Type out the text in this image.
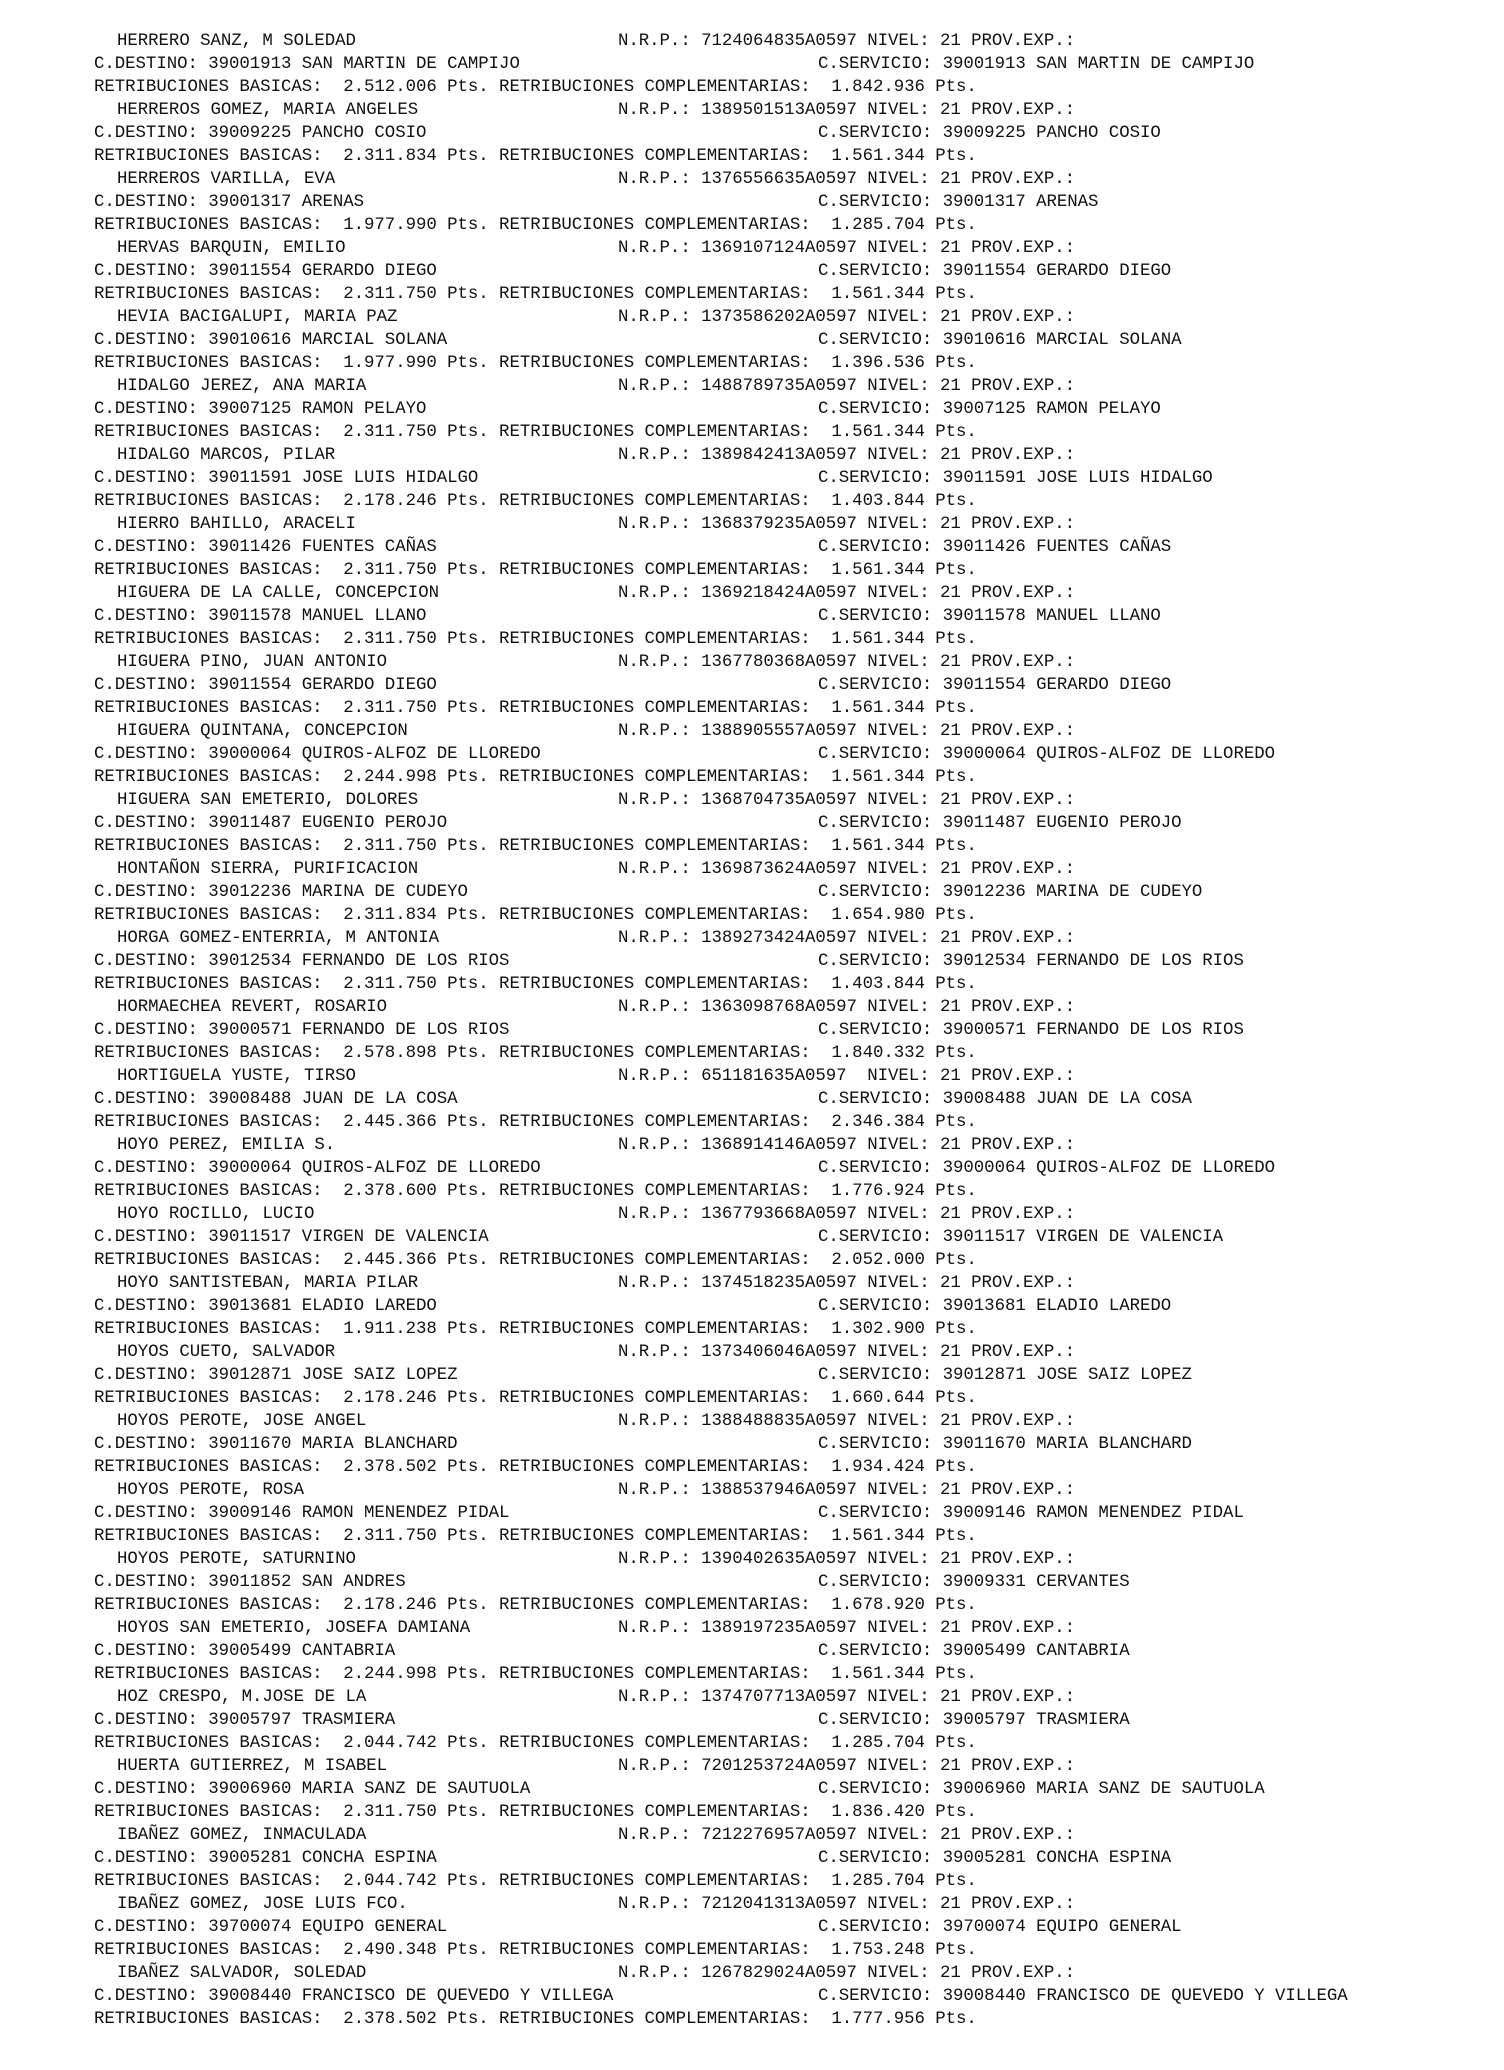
HERRERO SANZ, M SOLEDAD	N.R.P.: 7124064835A0597 NIVEL: 21 PROV.EXP.:
C.DESTINO: 39001913 SAN MARTIN DE CAMPIJO	C.SERVICIO: 39001913 SAN MARTIN DE CAMPIJO
RETRIBUCIONES BASICAS:  2.512.006 Pts. RETRIBUCIONES COMPLEMENTARIAS:  1.842.936 Pts.
HERREROS GOMEZ, MARIA ANGELES	N.R.P.: 1389501513A0597 NIVEL: 21 PROV.EXP.:
C.DESTINO: 39009225 PANCHO COSIO	C.SERVICIO: 39009225 PANCHO COSIO
RETRIBUCIONES BASICAS:  2.311.834 Pts. RETRIBUCIONES COMPLEMENTARIAS:  1.561.344 Pts.
HERREROS VARILLA, EVA	N.R.P.: 1376556635A0597 NIVEL: 21 PROV.EXP.:
C.DESTINO: 39001317 ARENAS	C.SERVICIO: 39001317 ARENAS
RETRIBUCIONES BASICAS:  1.977.990 Pts. RETRIBUCIONES COMPLEMENTARIAS:  1.285.704 Pts.
HERVAS BARQUIN, EMILIO	N.R.P.: 1369107124A0597 NIVEL: 21 PROV.EXP.:
C.DESTINO: 39011554 GERARDO DIEGO	C.SERVICIO: 39011554 GERARDO DIEGO
RETRIBUCIONES BASICAS:  2.311.750 Pts. RETRIBUCIONES COMPLEMENTARIAS:  1.561.344 Pts.
HEVIA BACIGALUPI, MARIA PAZ	N.R.P.: 1373586202A0597 NIVEL: 21 PROV.EXP.:
C.DESTINO: 39010616 MARCIAL SOLANA	C.SERVICIO: 39010616 MARCIAL SOLANA
RETRIBUCIONES BASICAS:  1.977.990 Pts. RETRIBUCIONES COMPLEMENTARIAS:  1.396.536 Pts.
HIDALGO JEREZ, ANA MARIA	N.R.P.: 1488789735A0597 NIVEL: 21 PROV.EXP.:
C.DESTINO: 39007125 RAMON PELAYO	C.SERVICIO: 39007125 RAMON PELAYO
RETRIBUCIONES BASICAS:  2.311.750 Pts. RETRIBUCIONES COMPLEMENTARIAS:  1.561.344 Pts.
HIDALGO MARCOS, PILAR	N.R.P.: 1389842413A0597 NIVEL: 21 PROV.EXP.:
C.DESTINO: 39011591 JOSE LUIS HIDALGO	C.SERVICIO: 39011591 JOSE LUIS HIDALGO
RETRIBUCIONES BASICAS:  2.178.246 Pts. RETRIBUCIONES COMPLEMENTARIAS:  1.403.844 Pts.
HIERRO BAHILLO, ARACELI	N.R.P.: 1368379235A0597 NIVEL: 21 PROV.EXP.:
C.DESTINO: 39011426 FUENTES CAÑAS	C.SERVICIO: 39011426 FUENTES CAÑAS
RETRIBUCIONES BASICAS:  2.311.750 Pts. RETRIBUCIONES COMPLEMENTARIAS:  1.561.344 Pts.
HIGUERA DE LA CALLE, CONCEPCION	N.R.P.: 1369218424A0597 NIVEL: 21 PROV.EXP.:
C.DESTINO: 39011578 MANUEL LLANO	C.SERVICIO: 39011578 MANUEL LLANO
RETRIBUCIONES BASICAS:  2.311.750 Pts. RETRIBUCIONES COMPLEMENTARIAS:  1.561.344 Pts.
HIGUERA PINO, JUAN ANTONIO	N.R.P.: 1367780368A0597 NIVEL: 21 PROV.EXP.:
C.DESTINO: 39011554 GERARDO DIEGO	C.SERVICIO: 39011554 GERARDO DIEGO
RETRIBUCIONES BASICAS:  2.311.750 Pts. RETRIBUCIONES COMPLEMENTARIAS:  1.561.344 Pts.
HIGUERA QUINTANA, CONCEPCION	N.R.P.: 1388905557A0597 NIVEL: 21 PROV.EXP.:
C.DESTINO: 39000064 QUIROS-ALFOZ DE LLOREDO	C.SERVICIO: 39000064 QUIROS-ALFOZ DE LLOREDO
RETRIBUCIONES BASICAS:  2.244.998 Pts. RETRIBUCIONES COMPLEMENTARIAS:  1.561.344 Pts.
HIGUERA SAN EMETERIO, DOLORES	N.R.P.: 1368704735A0597 NIVEL: 21 PROV.EXP.:
C.DESTINO: 39011487 EUGENIO PEROJO	C.SERVICIO: 39011487 EUGENIO PEROJO
RETRIBUCIONES BASICAS:  2.311.750 Pts. RETRIBUCIONES COMPLEMENTARIAS:  1.561.344 Pts.
HONTAÑON SIERRA, PURIFICACION	N.R.P.: 1369873624A0597 NIVEL: 21 PROV.EXP.:
C.DESTINO: 39012236 MARINA DE CUDEYO	C.SERVICIO: 39012236 MARINA DE CUDEYO
RETRIBUCIONES BASICAS:  2.311.834 Pts. RETRIBUCIONES COMPLEMENTARIAS:  1.654.980 Pts.
HORGA GOMEZ-ENTERRIA, M ANTONIA	N.R.P.: 1389273424A0597 NIVEL: 21 PROV.EXP.:
C.DESTINO: 39012534 FERNANDO DE LOS RIOS	C.SERVICIO: 39012534 FERNANDO DE LOS RIOS
RETRIBUCIONES BASICAS:  2.311.750 Pts. RETRIBUCIONES COMPLEMENTARIAS:  1.403.844 Pts.
HORMAECHEA REVERT, ROSARIO	N.R.P.: 1363098768A0597 NIVEL: 21 PROV.EXP.:
C.DESTINO: 39000571 FERNANDO DE LOS RIOS	C.SERVICIO: 39000571 FERNANDO DE LOS RIOS
RETRIBUCIONES BASICAS:  2.578.898 Pts. RETRIBUCIONES COMPLEMENTARIAS:  1.840.332 Pts.
HORTIGUELA YUSTE, TIRSO	N.R.P.: 651181635A0597  NIVEL: 21 PROV.EXP.:
C.DESTINO: 39008488 JUAN DE LA COSA	C.SERVICIO: 39008488 JUAN DE LA COSA
RETRIBUCIONES BASICAS:  2.445.366 Pts. RETRIBUCIONES COMPLEMENTARIAS:  2.346.384 Pts.
HOYO PEREZ, EMILIA S.	N.R.P.: 1368914146A0597 NIVEL: 21 PROV.EXP.:
C.DESTINO: 39000064 QUIROS-ALFOZ DE LLOREDO	C.SERVICIO: 39000064 QUIROS-ALFOZ DE LLOREDO
RETRIBUCIONES BASICAS:  2.378.600 Pts. RETRIBUCIONES COMPLEMENTARIAS:  1.776.924 Pts.
HOYO ROCILLO, LUCIO	N.R.P.: 1367793668A0597 NIVEL: 21 PROV.EXP.:
C.DESTINO: 39011517 VIRGEN DE VALENCIA	C.SERVICIO: 39011517 VIRGEN DE VALENCIA
RETRIBUCIONES BASICAS:  2.445.366 Pts. RETRIBUCIONES COMPLEMENTARIAS:  2.052.000 Pts.
HOYO SANTISTEBAN, MARIA PILAR	N.R.P.: 1374518235A0597 NIVEL: 21 PROV.EXP.:
C.DESTINO: 39013681 ELADIO LAREDO	C.SERVICIO: 39013681 ELADIO LAREDO
RETRIBUCIONES BASICAS:  1.911.238 Pts. RETRIBUCIONES COMPLEMENTARIAS:  1.302.900 Pts.
HOYOS CUETO, SALVADOR	N.R.P.: 1373406046A0597 NIVEL: 21 PROV.EXP.:
C.DESTINO: 39012871 JOSE SAIZ LOPEZ	C.SERVICIO: 39012871 JOSE SAIZ LOPEZ
RETRIBUCIONES BASICAS:  2.178.246 Pts. RETRIBUCIONES COMPLEMENTARIAS:  1.660.644 Pts.
HOYOS PEROTE, JOSE ANGEL	N.R.P.: 1388488835A0597 NIVEL: 21 PROV.EXP.:
C.DESTINO: 39011670 MARIA BLANCHARD	C.SERVICIO: 39011670 MARIA BLANCHARD
RETRIBUCIONES BASICAS:  2.378.502 Pts. RETRIBUCIONES COMPLEMENTARIAS:  1.934.424 Pts.
HOYOS PEROTE, ROSA	N.R.P.: 1388537946A0597 NIVEL: 21 PROV.EXP.:
C.DESTINO: 39009146 RAMON MENENDEZ PIDAL	C.SERVICIO: 39009146 RAMON MENENDEZ PIDAL
RETRIBUCIONES BASICAS:  2.311.750 Pts. RETRIBUCIONES COMPLEMENTARIAS:  1.561.344 Pts.
HOYOS PEROTE, SATURNINO	N.R.P.: 1390402635A0597 NIVEL: 21 PROV.EXP.:
C.DESTINO: 39011852 SAN ANDRES	C.SERVICIO: 39009331 CERVANTES
RETRIBUCIONES BASICAS:  2.178.246 Pts. RETRIBUCIONES COMPLEMENTARIAS:  1.678.920 Pts.
HOYOS SAN EMETERIO, JOSEFA DAMIANA	N.R.P.: 1389197235A0597 NIVEL: 21 PROV.EXP.:
C.DESTINO: 39005499 CANTABRIA	C.SERVICIO: 39005499 CANTABRIA
RETRIBUCIONES BASICAS:  2.244.998 Pts. RETRIBUCIONES COMPLEMENTARIAS:  1.561.344 Pts.
HOZ CRESPO, M.JOSE DE LA	N.R.P.: 1374707713A0597 NIVEL: 21 PROV.EXP.:
C.DESTINO: 39005797 TRASMIERA	C.SERVICIO: 39005797 TRASMIERA
RETRIBUCIONES BASICAS:  2.044.742 Pts. RETRIBUCIONES COMPLEMENTARIAS:  1.285.704 Pts.
HUERTA GUTIERREZ, M ISABEL	N.R.P.: 7201253724A0597 NIVEL: 21 PROV.EXP.:
C.DESTINO: 39006960 MARIA SANZ DE SAUTUOLA	C.SERVICIO: 39006960 MARIA SANZ DE SAUTUOLA
RETRIBUCIONES BASICAS:  2.311.750 Pts. RETRIBUCIONES COMPLEMENTARIAS:  1.836.420 Pts.
IBAÑEZ GOMEZ, INMACULADA	N.R.P.: 7212276957A0597 NIVEL: 21 PROV.EXP.:
C.DESTINO: 39005281 CONCHA ESPINA	C.SERVICIO: 39005281 CONCHA ESPINA
RETRIBUCIONES BASICAS:  2.044.742 Pts. RETRIBUCIONES COMPLEMENTARIAS:  1.285.704 Pts.
IBAÑEZ GOMEZ, JOSE LUIS FCO.	N.R.P.: 7212041313A0597 NIVEL: 21 PROV.EXP.:
C.DESTINO: 39700074 EQUIPO GENERAL	C.SERVICIO: 39700074 EQUIPO GENERAL
RETRIBUCIONES BASICAS:  2.490.348 Pts. RETRIBUCIONES COMPLEMENTARIAS:  1.753.248 Pts.
IBAÑEZ SALVADOR, SOLEDAD	N.R.P.: 1267829024A0597 NIVEL: 21 PROV.EXP.:
C.DESTINO: 39008440 FRANCISCO DE QUEVEDO Y VILLEGA	C.SERVICIO: 39008440 FRANCISCO DE QUEVEDO Y VILLEGA
RETRIBUCIONES BASICAS:  2.378.502 Pts. RETRIBUCIONES COMPLEMENTARIAS:  1.777.956 Pts.
